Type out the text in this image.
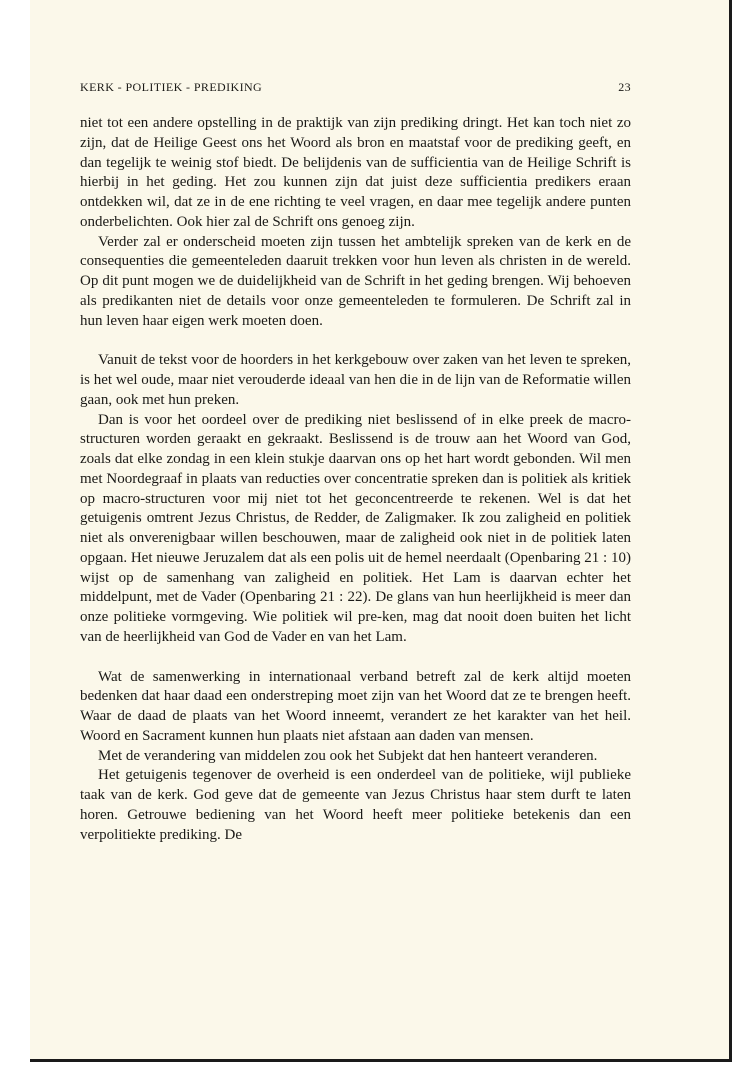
KERK - POLITIEK - PREDIKING	23

niet tot een andere opstelling in de praktijk van zijn prediking dringt. Het kan toch niet zo zijn, dat de Heilige Geest ons het Woord als bron en maatstaf voor de prediking geeft, en dan tegelijk te weinig stof biedt. De belijdenis van de sufficientia van de Heilige Schrift is hierbij in het geding. Het zou kunnen zijn dat juist deze sufficientia predikers eraan ontdekken wil, dat ze in de ene richting te veel vragen, en daar mee tegelijk andere punten onderbelichten. Ook hier zal de Schrift ons genoeg zijn.

Verder zal er onderscheid moeten zijn tussen het ambtelijk spreken van de kerk en de consequenties die gemeenteleden daaruit trekken voor hun leven als christen in de wereld. Op dit punt mogen we de duidelijkheid van de Schrift in het geding brengen. Wij behoeven als predikanten niet de details voor onze gemeenteleden te formuleren. De Schrift zal in hun leven haar eigen werk moeten doen.

Vanuit de tekst voor de hoorders in het kerkgebouw over zaken van het leven te spreken, is het wel oude, maar niet verouderde ideaal van hen die in de lijn van de Reformatie willen gaan, ook met hun preken.

Dan is voor het oordeel over de prediking niet beslissend of in elke preek de macro-structuren worden geraakt en gekraakt. Beslissend is de trouw aan het Woord van God, zoals dat elke zondag in een klein stukje daarvan ons op het hart wordt gebonden. Wil men met Noordegraaf in plaats van reducties over concentratie spreken dan is politiek als kritiek op macro-structuren voor mij niet tot het geconcentreerde te rekenen. Wel is dat het getuigenis omtrent Jezus Christus, de Redder, de Zaligmaker. Ik zou zaligheid en politiek niet als onverenigbaar willen beschouwen, maar de zaligheid ook niet in de politiek laten opgaan. Het nieuwe Jeruzalem dat als een polis uit de hemel neerdaalt (Openbaring 21 : 10) wijst op de samenhang van zaligheid en politiek. Het Lam is daarvan echter het middelpunt, met de Vader (Openbaring 21 : 22). De glans van hun heerlijkheid is meer dan onze politieke vormgeving. Wie politiek wil pre-ken, mag dat nooit doen buiten het licht van de heerlijkheid van God de Vader en van het Lam.

Wat de samenwerking in internationaal verband betreft zal de kerk altijd moeten bedenken dat haar daad een onderstreping moet zijn van het Woord dat ze te brengen heeft. Waar de daad de plaats van het Woord inneemt, verandert ze het karakter van het heil. Woord en Sacrament kunnen hun plaats niet afstaan aan daden van mensen.

Met de verandering van middelen zou ook het Subjekt dat hen hanteert veranderen.

Het getuigenis tegenover de overheid is een onderdeel van de politieke, wijl publieke taak van de kerk. God geve dat de gemeente van Jezus Christus haar stem durft te laten horen. Getrouwe bediening van het Woord heeft meer politieke betekenis dan een verpolitiekte prediking. De
